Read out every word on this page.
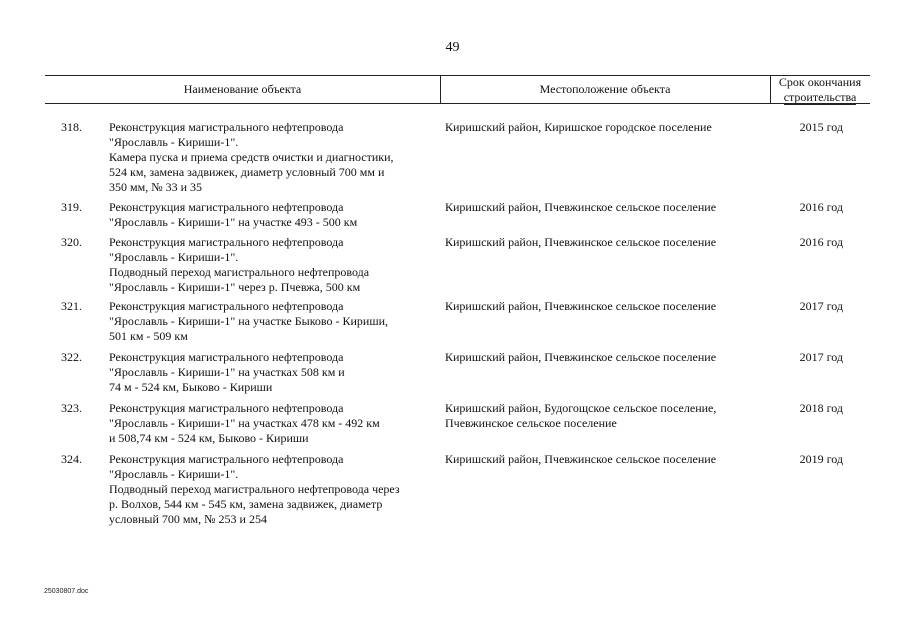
49
Наименование объекта	Местоположение объекта
Срок окончания
строительства
318. Реконструкция магистрального нефтепровода
"Ярославль - Кириши-1".
Камера пуска и приема средств очистки и диагностики,
524 км, замена задвижек, диаметр условный 700 мм и
350 мм, № 33 и 35
Киришский район, Киришское городское поселение	2015 год
319. Реконструкция магистрального нефтепровода
"Ярославль - Кириши-1" на участке 493 - 500 км
Киришский район, Пчевжинское сельское поселение	2016 год
320. Реконструкция магистрального нефтепровода
"Ярославль - Кириши-1".
Подводный переход магистрального нефтепровода
"Ярославль - Кириши-1" через р. Пчевжа, 500 км
Киришский район, Пчевжинское сельское поселение	2016 год
321. Реконструкция магистрального нефтепровода
"Ярославль - Кириши-1" на участке Быково - Кириши,
501 км - 509 км
Киришский район, Пчевжинское сельское поселение	2017 год
322. Реконструкция магистрального нефтепровода
"Ярославль - Кириши-1" на участках 508 км и
74 м - 524 км, Быково - Кириши
Киришский район, Пчевжинское сельское поселение	2017 год
323. Реконструкция магистрального нефтепровода
"Ярославль - Кириши-1" на участках 478 км - 492 км
и 508,74 км - 524 км, Быково - Кириши
Киришский район, Будогощское сельское поселение,
Пчевжинское сельское поселение
2018 год
324. Реконструкция магистрального нефтепровода
"Ярославль - Кириши-1".
Подводный переход магистрального нефтепровода через
р. Волхов, 544 км - 545 км, замена задвижек, диаметр
условный 700 мм, № 253 и 254
Киришский район, Пчевжинское сельское поселение	2019 год
25030807.doc
